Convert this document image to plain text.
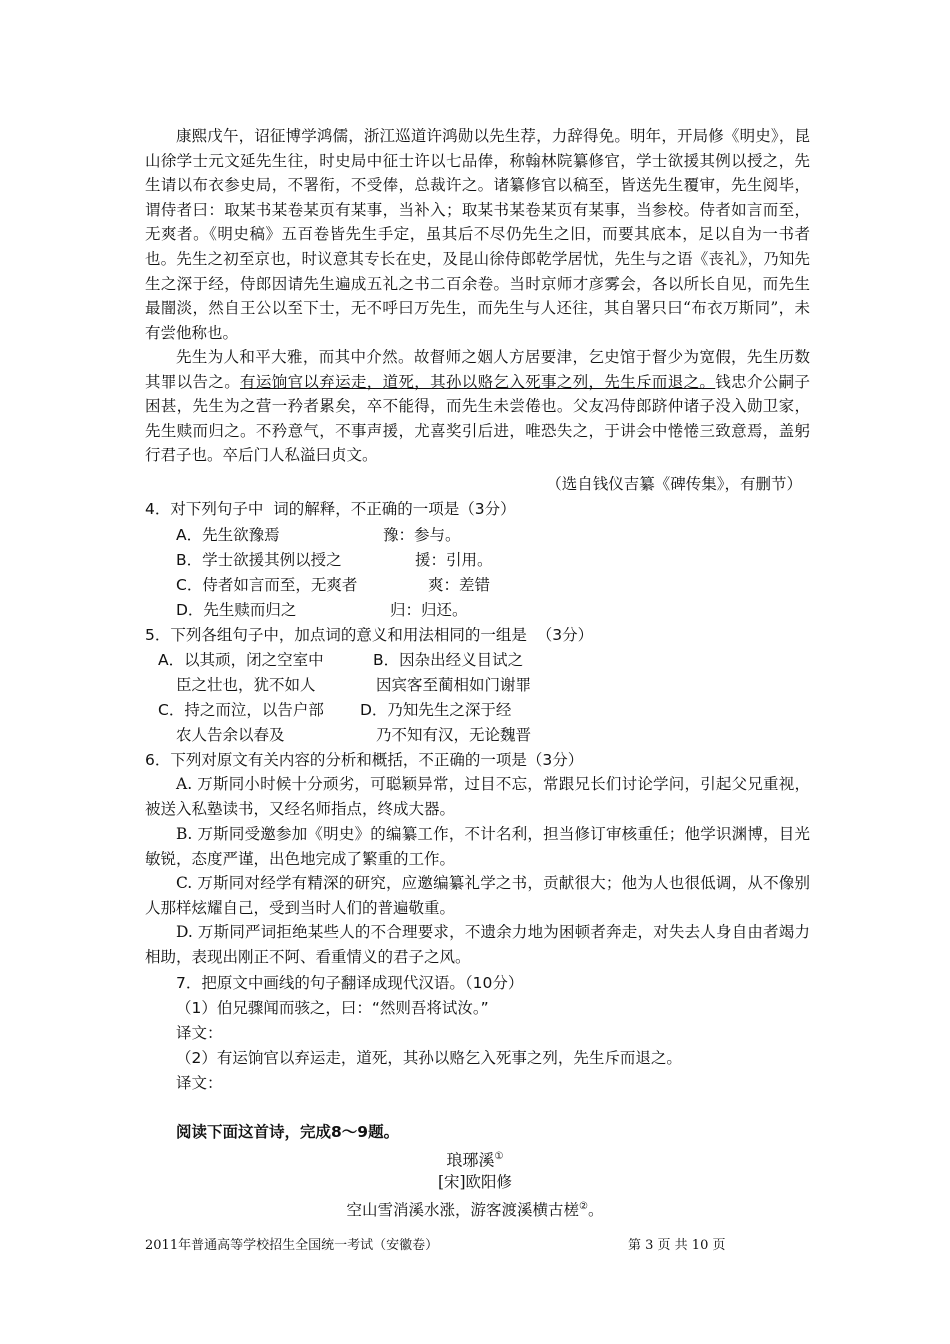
康熙戊午，诏征博学鸿儒，浙江巡道许鸿勋以先生荐，力辞得免。明年，开局修《明史》，昆山徐学士元文延先生往，时史局中征士许以七品俸，称翰林院纂修官，学士欲援其例以授之，先生请以布衣参史局，不署衔，不受俸，总裁许之。诸纂修官以稿至，皆送先生覆审，先生阅毕，谓侍者曰：取某书某卷某页有某事，当补入；取某书某卷某页有某事，当参校。侍者如言而至，无爽者。《明史稿》五百卷皆先生手定，虽其后不尽仍先生之旧，而要其底本，足以自为一书者也。先生之初至京也，时议意其专长在史，及昆山徐侍郎乾学居忧，先生与之语《丧礼》，乃知先生之深于经，侍郎因请先生遍成五礼之书二百余卷。当时京师才彦雾会，各以所长自见，而先生最闇淡，然自王公以至下士，无不呼曰万先生，而先生与人还往，其自署只曰“布衣万斯同”，未有尝他称也。

先生为人和平大雅，而其中介然。故督师之姻人方居要津，乞史馆于督少为宽假，先生历数其罪以告之。有运饷官以弃运走，道死，其孙以赂乞入死事之列，先生斥而退之。钱忠介公嗣子困甚，先生为之营一矜者累矣，卒不能得，而先生未尝倦也。父友冯侍郎跻仲诸子没入勋卫家，先生赎而归之。不矜意气，不事声援，尤喜奖引后进，唯恐失之，于讲会中惓惓三致意焉，盖躬行君子也。卒后门人私溢曰贞文。

（选自钱仪吉纂《碑传集》，有删节）

4．对下列句子中  词的解释，不正确的一项是（3分）

A．先生欲豫焉	豫：参与。

B．学士欲援其例以授之	援：引用。

C．侍者如言而至，无爽者	爽：差错

D．先生赎而归之	归：归还。

5．下列各组句子中，加点词的意义和用法相同的一组是  （3分）

A．以其顽，闭之空室中	B．因杂出经义目试之

臣之壮也，犹不如人	因宾客至蔺相如门谢罪

C．持之而泣，以告户部 D．乃知先生之深于经

农人告余以春及	乃不知有汉，无论魏晋

6．下列对原文有关内容的分析和概括，不正确的一项是（3分）

A. 万斯同小时候十分顽劣，可聪颖异常，过目不忘，常跟兄长们讨论学问，引起父兄重视，被送入私塾读书，又经名师指点，终成大器。

B. 万斯同受邀参加《明史》的编纂工作，不计名利，担当修订审核重任；他学识渊博，目光敏锐，态度严谨，出色地完成了繁重的工作。

C. 万斯同对经学有精深的研究，应邀编纂礼学之书，贡献很大；他为人也很低调，从不像别人那样炫耀自己，受到当时人们的普遍敬重。

D. 万斯同严词拒绝某些人的不合理要求，不遗余力地为困顿者奔走，对失去人身自由者竭力相助，表现出刚正不阿、看重情义的君子之风。

7．把原文中画线的句子翻译成现代汉语。（10分）

（1）伯兄骤闻而骇之，曰：“然则吾将试汝。”

译文：

（2）有运饷官以弃运走，道死，其孙以赂乞入死事之列，先生斥而退之。

译文：

阅读下面这首诗，完成8～9题。

琅琊溪①

[宋]欧阳修

空山雪消溪水涨，游客渡溪横古槎②。

2011年普通高等学校招生全国统一考试（安徽卷）	第 3 页 共 10 页
